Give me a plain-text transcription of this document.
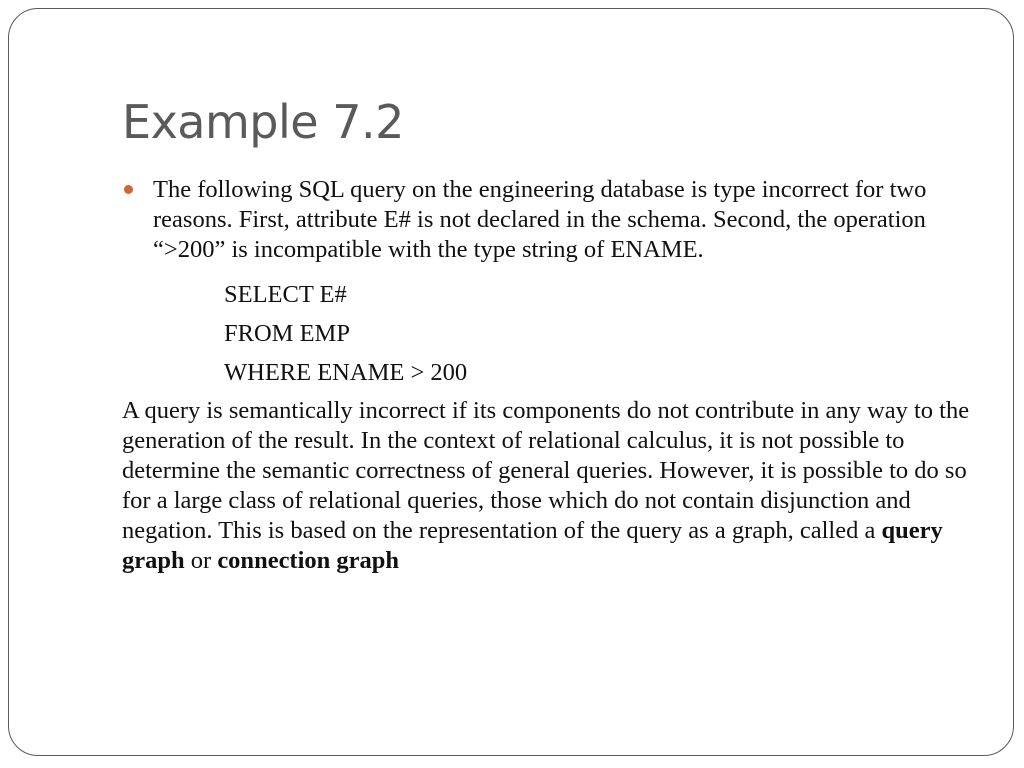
Example 7.2

The following SQL query on the engineering database is type incorrect for two reasons. First, attribute E# is not declared in the schema. Second, the operation “>200” is incompatible with the type string of ENAME.

SELECT E#
FROM EMP
WHERE ENAME > 200

A query is semantically incorrect if its components do not contribute in any way to the generation of the result. In the context of relational calculus, it is not possible to determine the semantic correctness of general queries. However, it is possible to do so for a large class of relational queries, those which do not contain disjunction and negation. This is based on the representation of the query as a graph, called a query graph or connection graph
